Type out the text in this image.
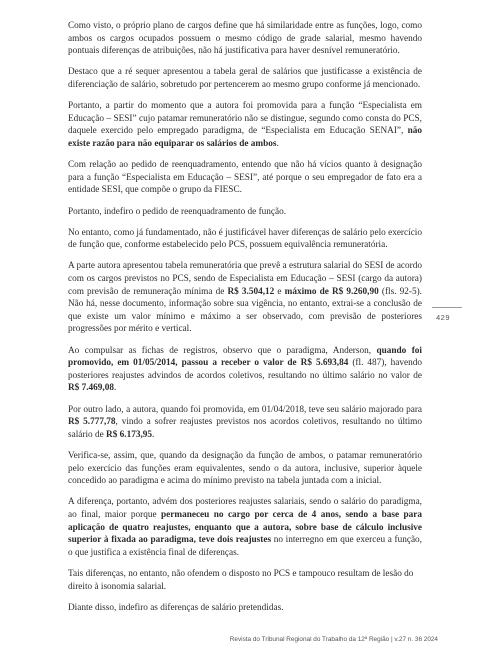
Como visto, o próprio plano de cargos define que há similaridade entre as funções, logo, como ambos os cargos ocupados possuem o mesmo código de grade salarial, mesmo havendo pontuais diferenças de atribuições, não há justificativa para haver desnível remuneratório.

Destaco que a ré sequer apresentou a tabela geral de salários que justificasse a existência de diferenciação de salário, sobretudo por pertencerem ao mesmo grupo conforme já mencionado.

Portanto, a partir do momento que a autora foi promovida para a função “Especialista em Educação – SESI” cujo patamar remuneratório não se distingue, segundo como consta do PCS, daquele exercido pelo empregado paradigma, de “Especialista em Educação SENAI”, não existe razão para não equiparar os salários de ambos.

Com relação ao pedido de reenquadramento, entendo que não há vícios quanto à designação para a função “Especialista em Educação – SESI”, até porque o seu empregador de fato era a entidade SESI, que compõe o grupo da FIESC.

Portanto, indefiro o pedido de reenquadramento de função.

No entanto, como já fundamentado, não é justificável haver diferenças de salário pelo exercício de função que, conforme estabelecido pelo PCS, possuem equivalência remuneratória.

A parte autora apresentou tabela remuneratória que prevê a estrutura salarial do SESI de acordo com os cargos previstos no PCS, sendo de Especialista em Educação – SESI (cargo da autora) com previsão de remuneração mínima de R$ 3.504,12 e máximo de R$ 9.260,90 (fls. 92-5). Não há, nesse documento, informação sobre sua vigência, no entanto, extrai-se a conclusão de que existe um valor mínimo e máximo a ser observado, com previsão de posteriores progressões por mérito e vertical.

Ao compulsar as fichas de registros, observo que o paradigma, Anderson, quando foi promovido, em 01/05/2014, passou a receber o valor de R$ 5.693,84 (fl. 487), havendo posteriores reajustes advindos de acordos coletivos, resultando no último salário no valor de R$ 7.469,08.

Por outro lado, a autora, quando foi promovida, em 01/04/2018, teve seu salário majorado para R$ 5.777,78, vindo a sofrer reajustes previstos nos acordos coletivos, resultando no último salário de R$ 6.173,95.

Verifica-se, assim, que, quando da designação da função de ambos, o patamar remuneratório pelo exercício das funções eram equivalentes, sendo o da autora, inclusive, superior àquele concedido ao paradigma e acima do mínimo previsto na tabela juntada com a inicial.

A diferença, portanto, advém dos posteriores reajustes salariais, sendo o salário do paradigma, ao final, maior porque permaneceu no cargo por cerca de 4 anos, sendo a base para aplicação de quatro reajustes, enquanto que a autora, sobre base de cálculo inclusive superior à fixada ao paradigma, teve dois reajustes no interregno em que exerceu a função, o que justifica a existência final de diferenças.

Tais diferenças, no entanto, não ofendem o disposto no PCS e tampouco resultam de lesão do direito à isonomia salarial.

Diante disso, indefiro as diferenças de salário pretendidas.

429
Revista do Tribunal Regional do Trabalho da 12ª Região | v.27 n. 36 2024
